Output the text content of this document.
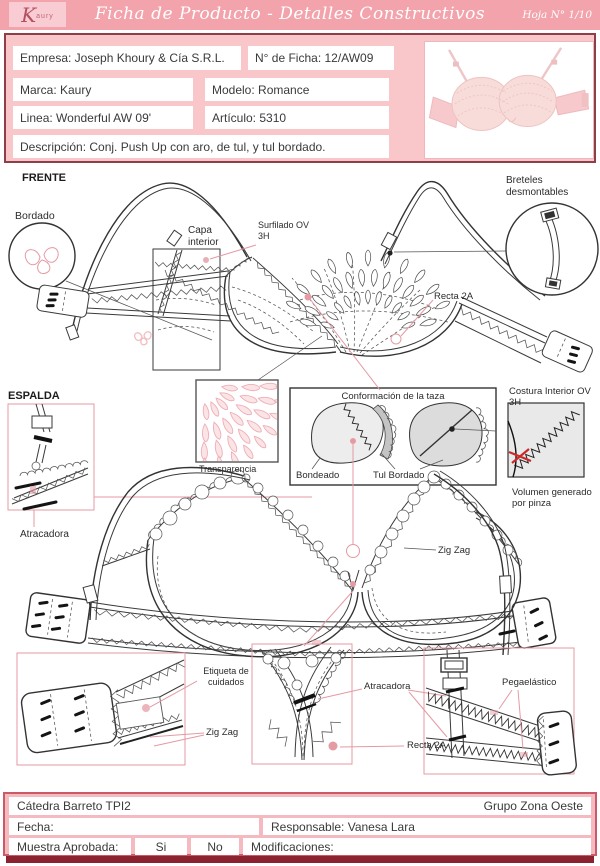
K aury	Ficha de Producto - Detalles Constructivos	Hoja N° 1/10
Empresa: Joseph Khoury & Cía S.R.L.	N° de Ficha: 12/AW09
Marca: Kaury	Modelo: Romance
Linea: Wonderful AW 09'	Artículo: 5310
Descripción: Conj. Push Up con aro, de tul, y tul bordado.
FRENTE
Bordado
Capa interior
Surfilado OV 3H
Recta 2A
Breteles desmontables
ESPALDA
Atracadora
Transparencia
Conformación de la taza
Bondeado	Tul Bordado
Costura Interior OV 3H
Volumen generado por pinza
Zig Zag
Etiqueta de cuidados
Zig Zag
Atracadora
Recta 2A
Pegaelástico
Cátedra Barreto TPI2	Grupo Zona Oeste
Fecha:	Responsable: Vanesa Lara
Muestra Aprobada:	Si	No	Modificaciones:
